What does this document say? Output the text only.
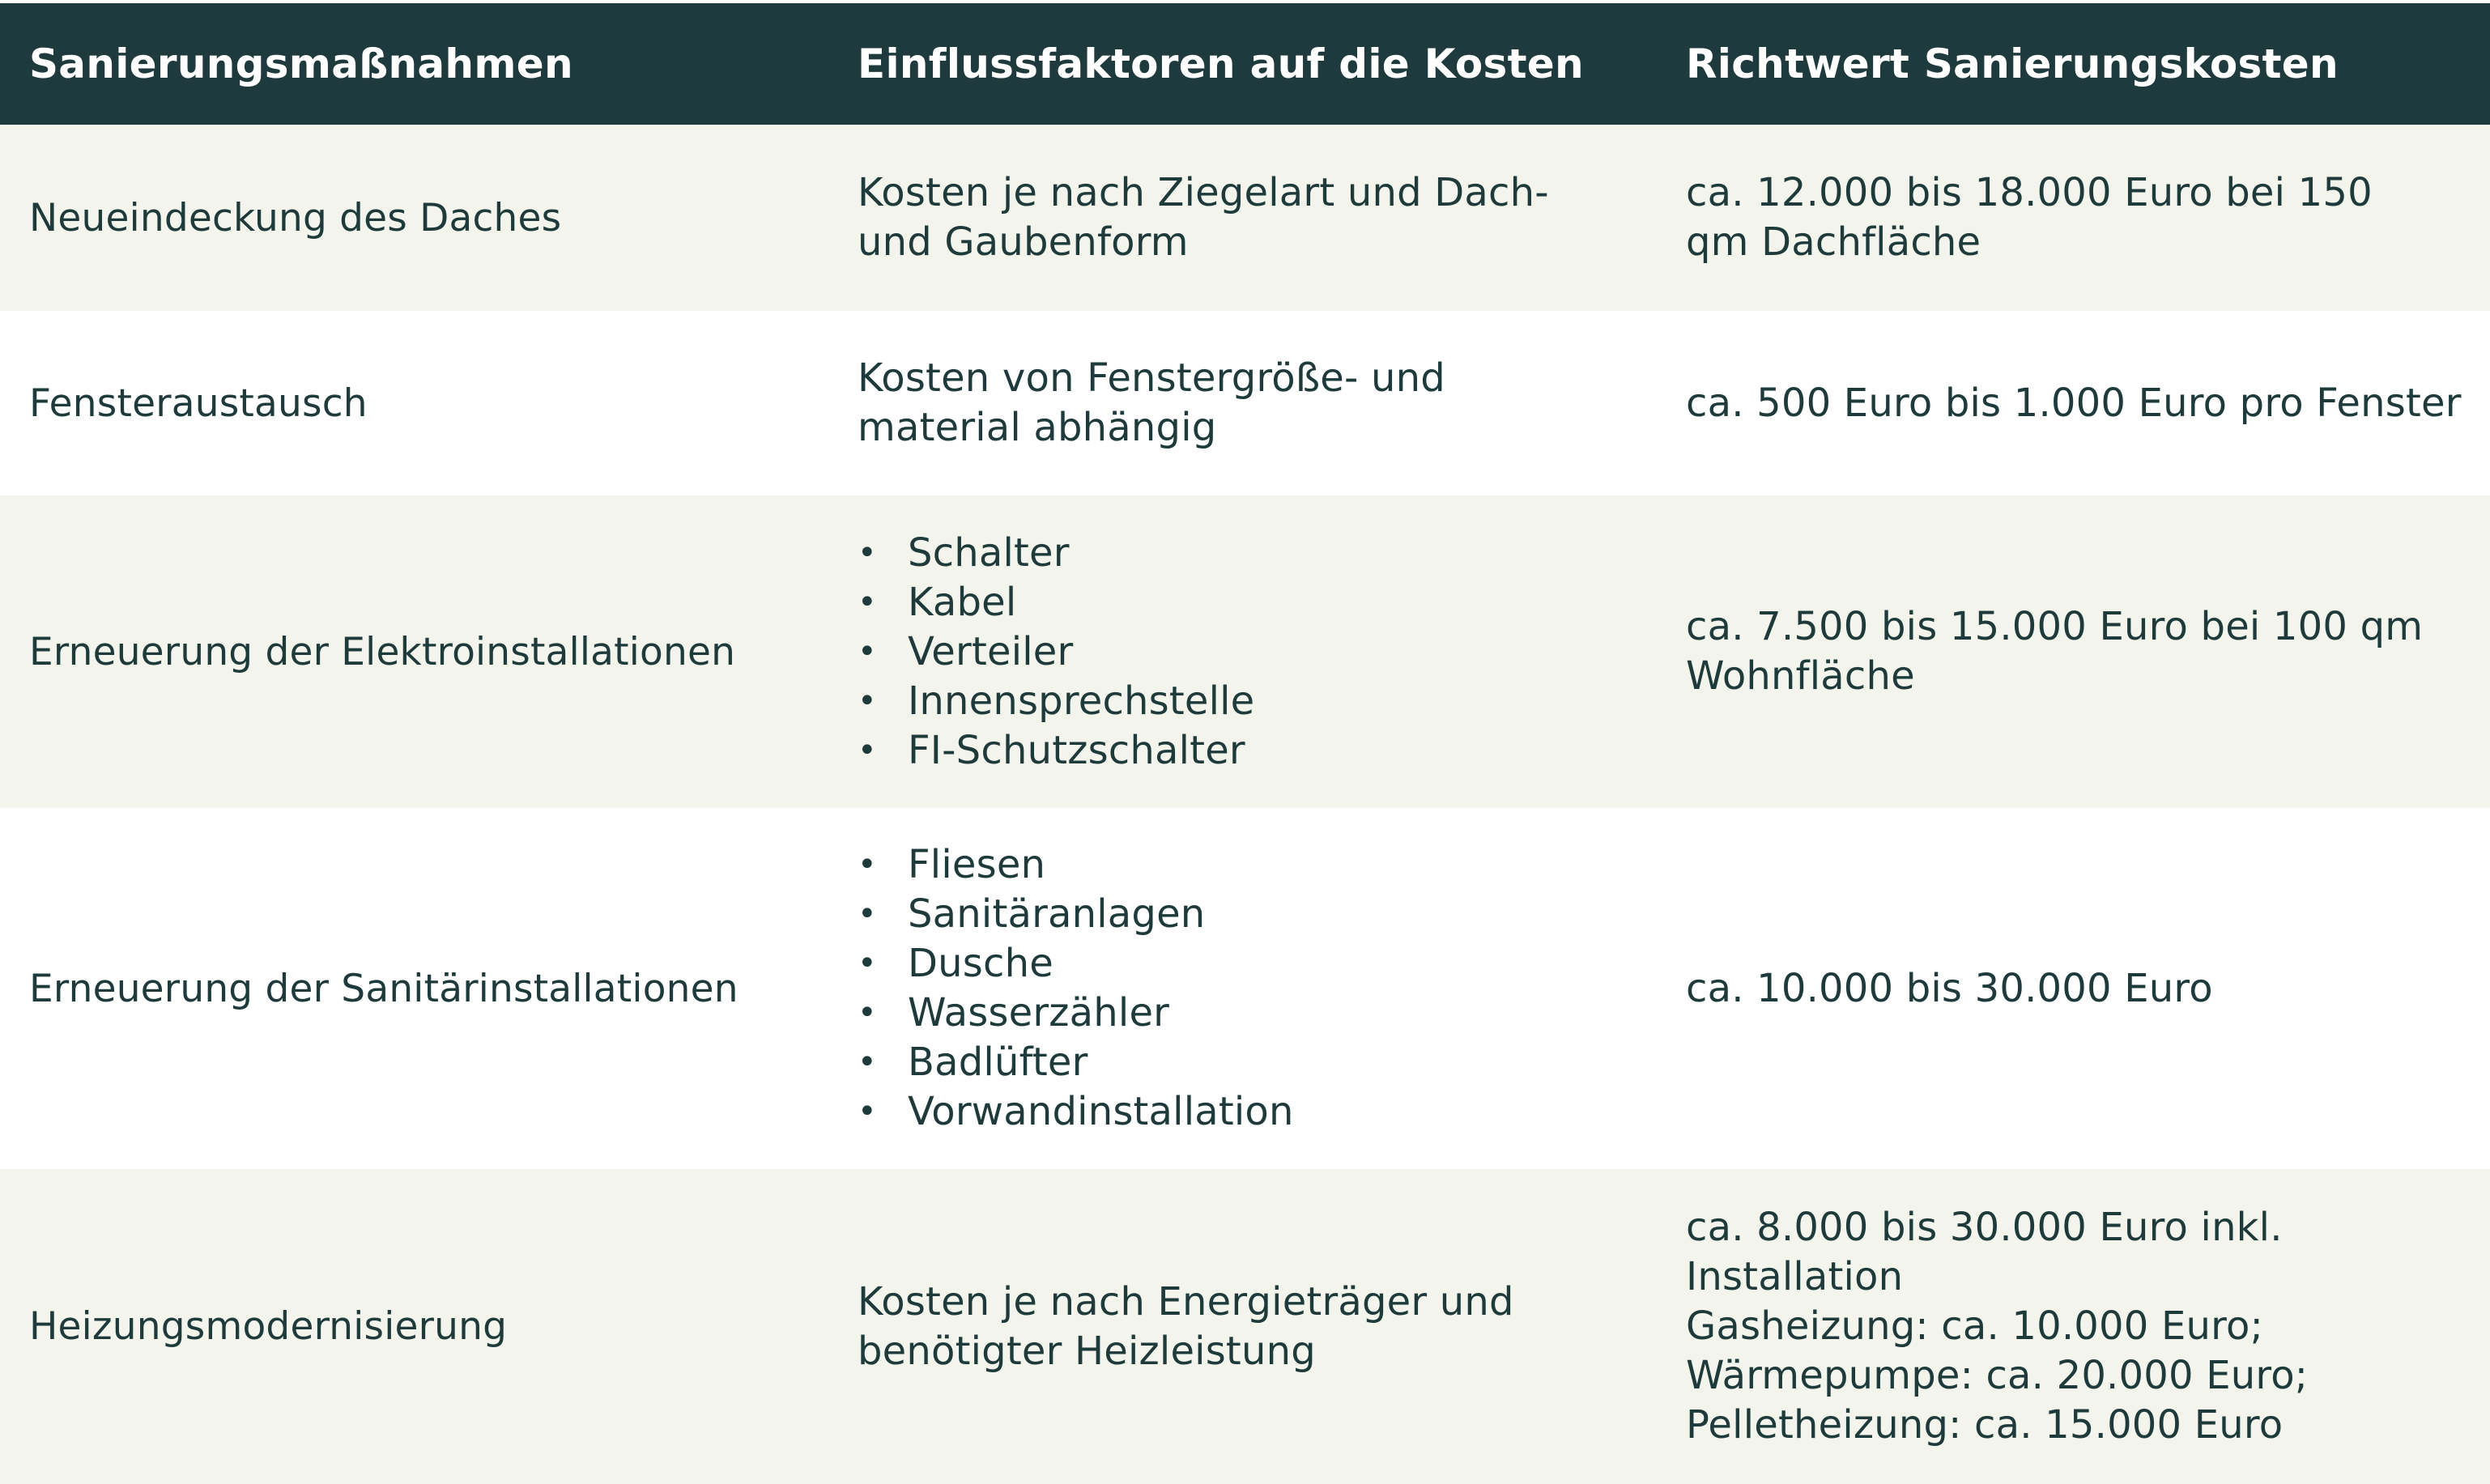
Sanierungsmaßnahmen	Einflussfaktoren auf die Kosten	Richtwert Sanierungskosten
Neueindeckung des Daches
Kosten je nach Ziegelart und Dach- und Gaubenform
ca. 12.000 bis 18.000 Euro bei 150 qm Dachfläche
Fensteraustausch
Kosten von Fenstergröße- und material abhängig
ca. 500 Euro bis 1.000 Euro pro Fenster
Erneuerung der Elektroinstallationen
• Schalter
• Kabel
• Verteiler
• Innensprechstelle
• FI-Schutzschalter
ca. 7.500 bis 15.000 Euro bei 100 qm Wohnfläche
Erneuerung der Sanitärinstallationen
• Fliesen
• Sanitäranlagen
• Dusche
• Wasserzähler
• Badlüfter
• Vorwandinstallation
ca. 10.000 bis 30.000 Euro
Heizungsmodernisierung
Kosten je nach Energieträger und benötigter Heizleistung
ca. 8.000 bis 30.000 Euro inkl. Installation
Gasheizung: ca. 10.000 Euro;
Wärmepumpe: ca. 20.000 Euro;
Pelletheizung: ca. 15.000 Euro
